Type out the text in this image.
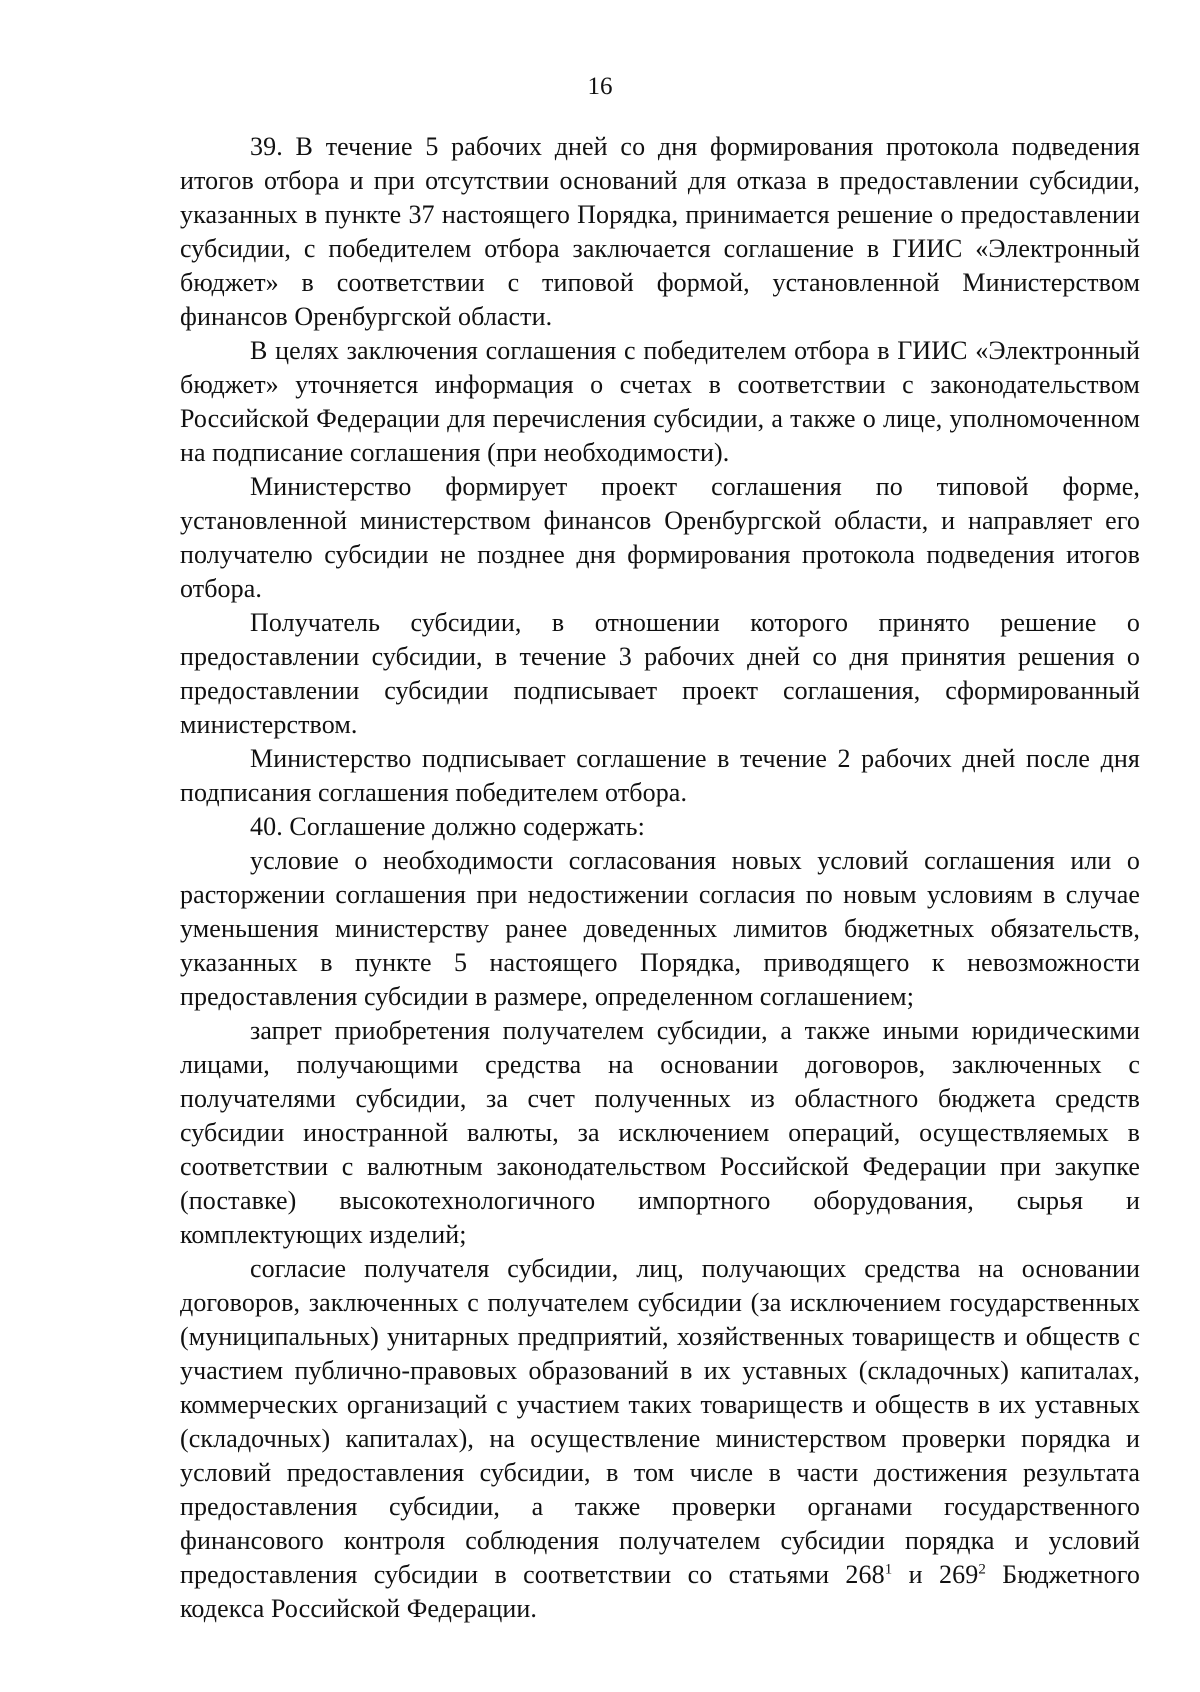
16

39. В течение 5 рабочих дней со дня формирования протокола подведения итогов отбора и при отсутствии оснований для отказа в предоставлении субсидии, указанных в пункте 37 настоящего Порядка, принимается решение о предоставлении субсидии, с победителем отбора заключается соглашение в ГИИС «Электронный бюджет» в соответствии с типовой формой, установленной Министерством финансов Оренбургской области.

В целях заключения соглашения с победителем отбора в ГИИС «Электронный бюджет» уточняется информация о счетах в соответствии с законодательством Российской Федерации для перечисления субсидии, а также о лице, уполномоченном на подписание соглашения (при необходимости).

Министерство формирует проект соглашения по типовой форме, установленной министерством финансов Оренбургской области, и направляет его получателю субсидии не позднее дня формирования протокола подведения итогов отбора.

Получатель субсидии, в отношении которого принято решение о предоставлении субсидии, в течение 3 рабочих дней со дня принятия решения о предоставлении субсидии подписывает проект соглашения, сформированный министерством.

Министерство подписывает соглашение в течение 2 рабочих дней после дня подписания соглашения победителем отбора.

40. Соглашение должно содержать:

условие о необходимости согласования новых условий соглашения или о расторжении соглашения при недостижении согласия по новым условиям в случае уменьшения министерству ранее доведенных лимитов бюджетных обязательств, указанных в пункте 5 настоящего Порядка, приводящего к невозможности предоставления субсидии в размере, определенном соглашением;

запрет приобретения получателем субсидии, а также иными юридическими лицами, получающими средства на основании договоров, заключенных с получателями субсидии, за счет полученных из областного бюджета средств субсидии иностранной валюты, за исключением операций, осуществляемых в соответствии с валютным законодательством Российской Федерации при закупке (поставке) высокотехнологичного импортного оборудования, сырья и комплектующих изделий;

согласие получателя субсидии, лиц, получающих средства на основании договоров, заключенных с получателем субсидии (за исключением государственных (муниципальных) унитарных предприятий, хозяйственных товариществ и обществ с участием публично-правовых образований в их уставных (складочных) капиталах, коммерческих организаций с участием таких товариществ и обществ в их уставных (складочных) капиталах), на осуществление министерством проверки порядка и условий предоставления субсидии, в том числе в части достижения результата предоставления субсидии, а также проверки органами государственного финансового контроля соблюдения получателем субсидии порядка и условий предоставления субсидии в соответствии со статьями $268^1$ и $269^2$ Бюджетного кодекса Российской Федерации.
